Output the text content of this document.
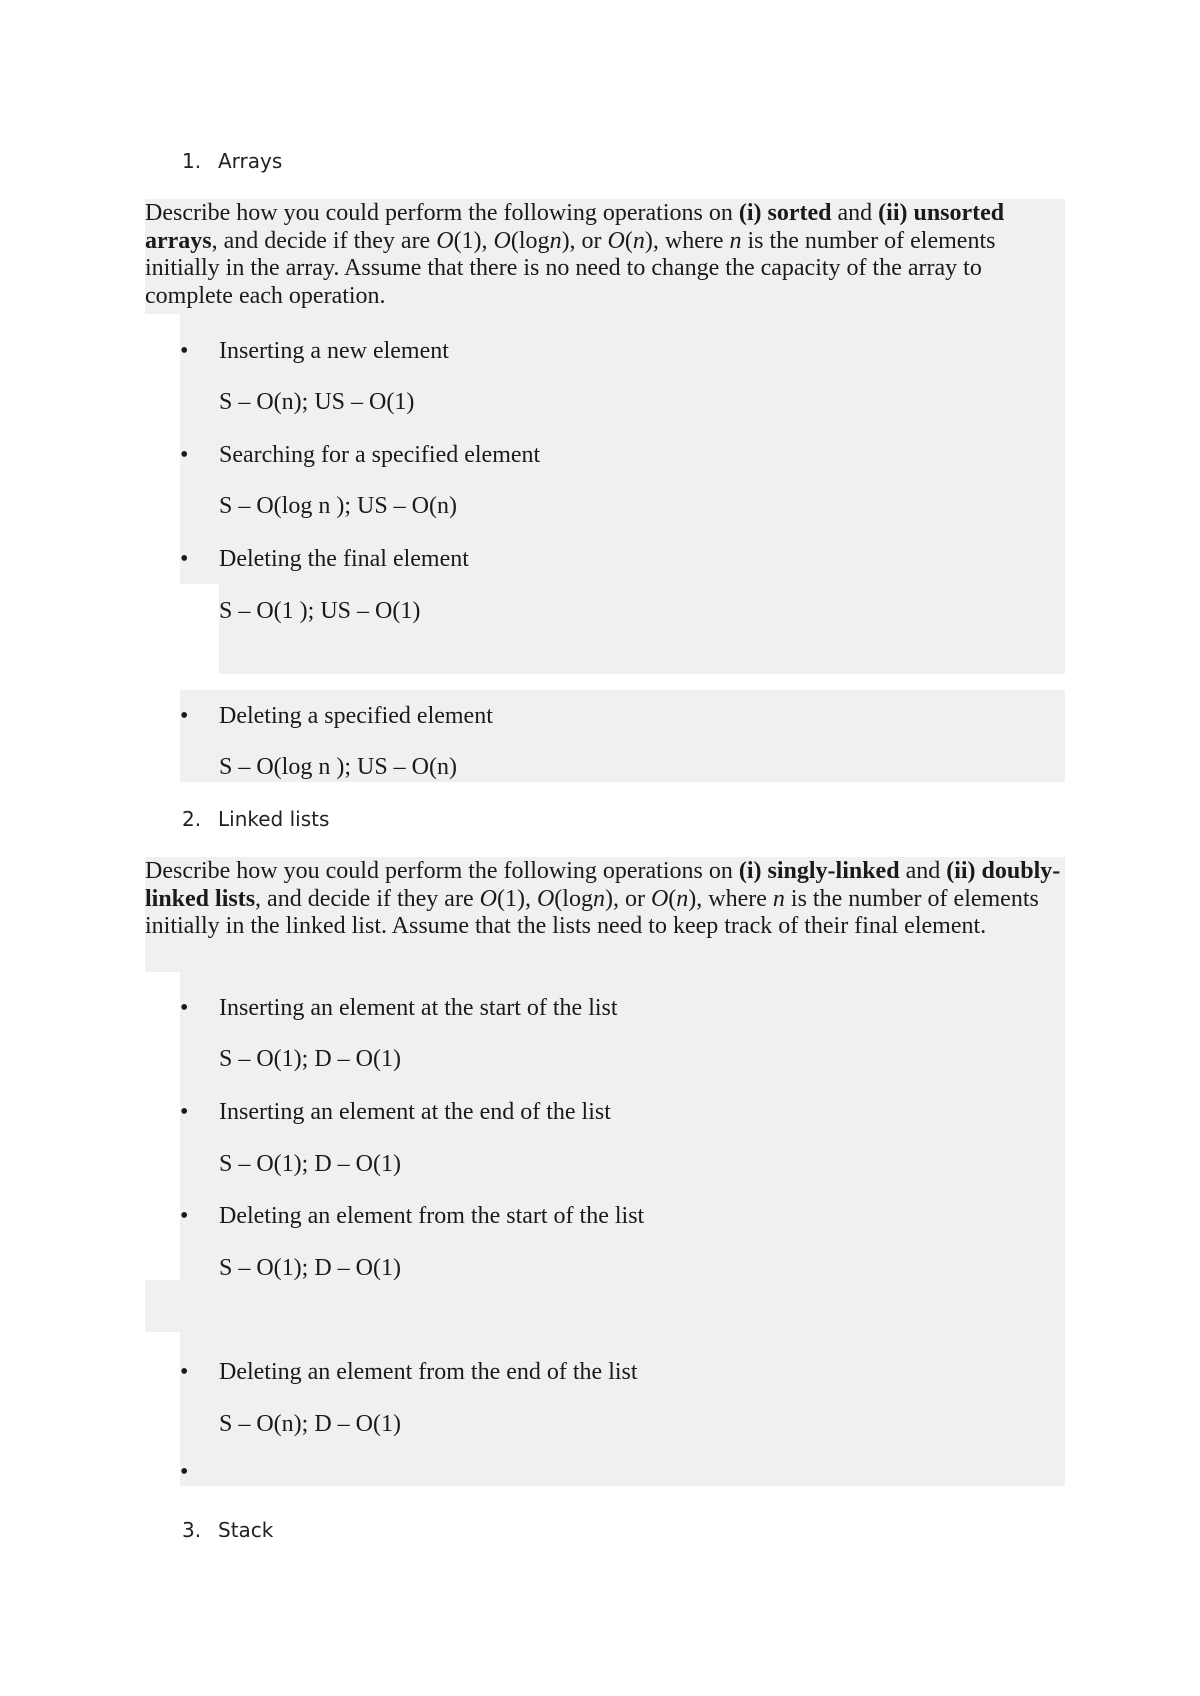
1. Arrays

Describe how you could perform the following operations on (i) sorted and (ii) unsorted arrays, and decide if they are O(1), O(logn), or O(n), where n is the number of elements initially in the array. Assume that there is no need to change the capacity of the array to complete each operation.

• Inserting a new element
S – O(n); US – O(1)
• Searching for a specified element
S – O(log n ); US – O(n)
• Deleting the final element
S – O(1 ); US – O(1)
• Deleting a specified element
S – O(log n ); US – O(n)
2. Linked lists

Describe how you could perform the following operations on (i) singly-linked and (ii) doubly-linked lists, and decide if they are O(1), O(logn), or O(n), where n is the number of elements initially in the linked list. Assume that the lists need to keep track of their final element.

• Inserting an element at the start of the list
S – O(1); D – O(1)
• Inserting an element at the end of the list
S – O(1); D – O(1)
• Deleting an element from the start of the list
S – O(1); D – O(1)
• Deleting an element from the end of the list
S – O(n); D – O(1)
•
3. Stack
